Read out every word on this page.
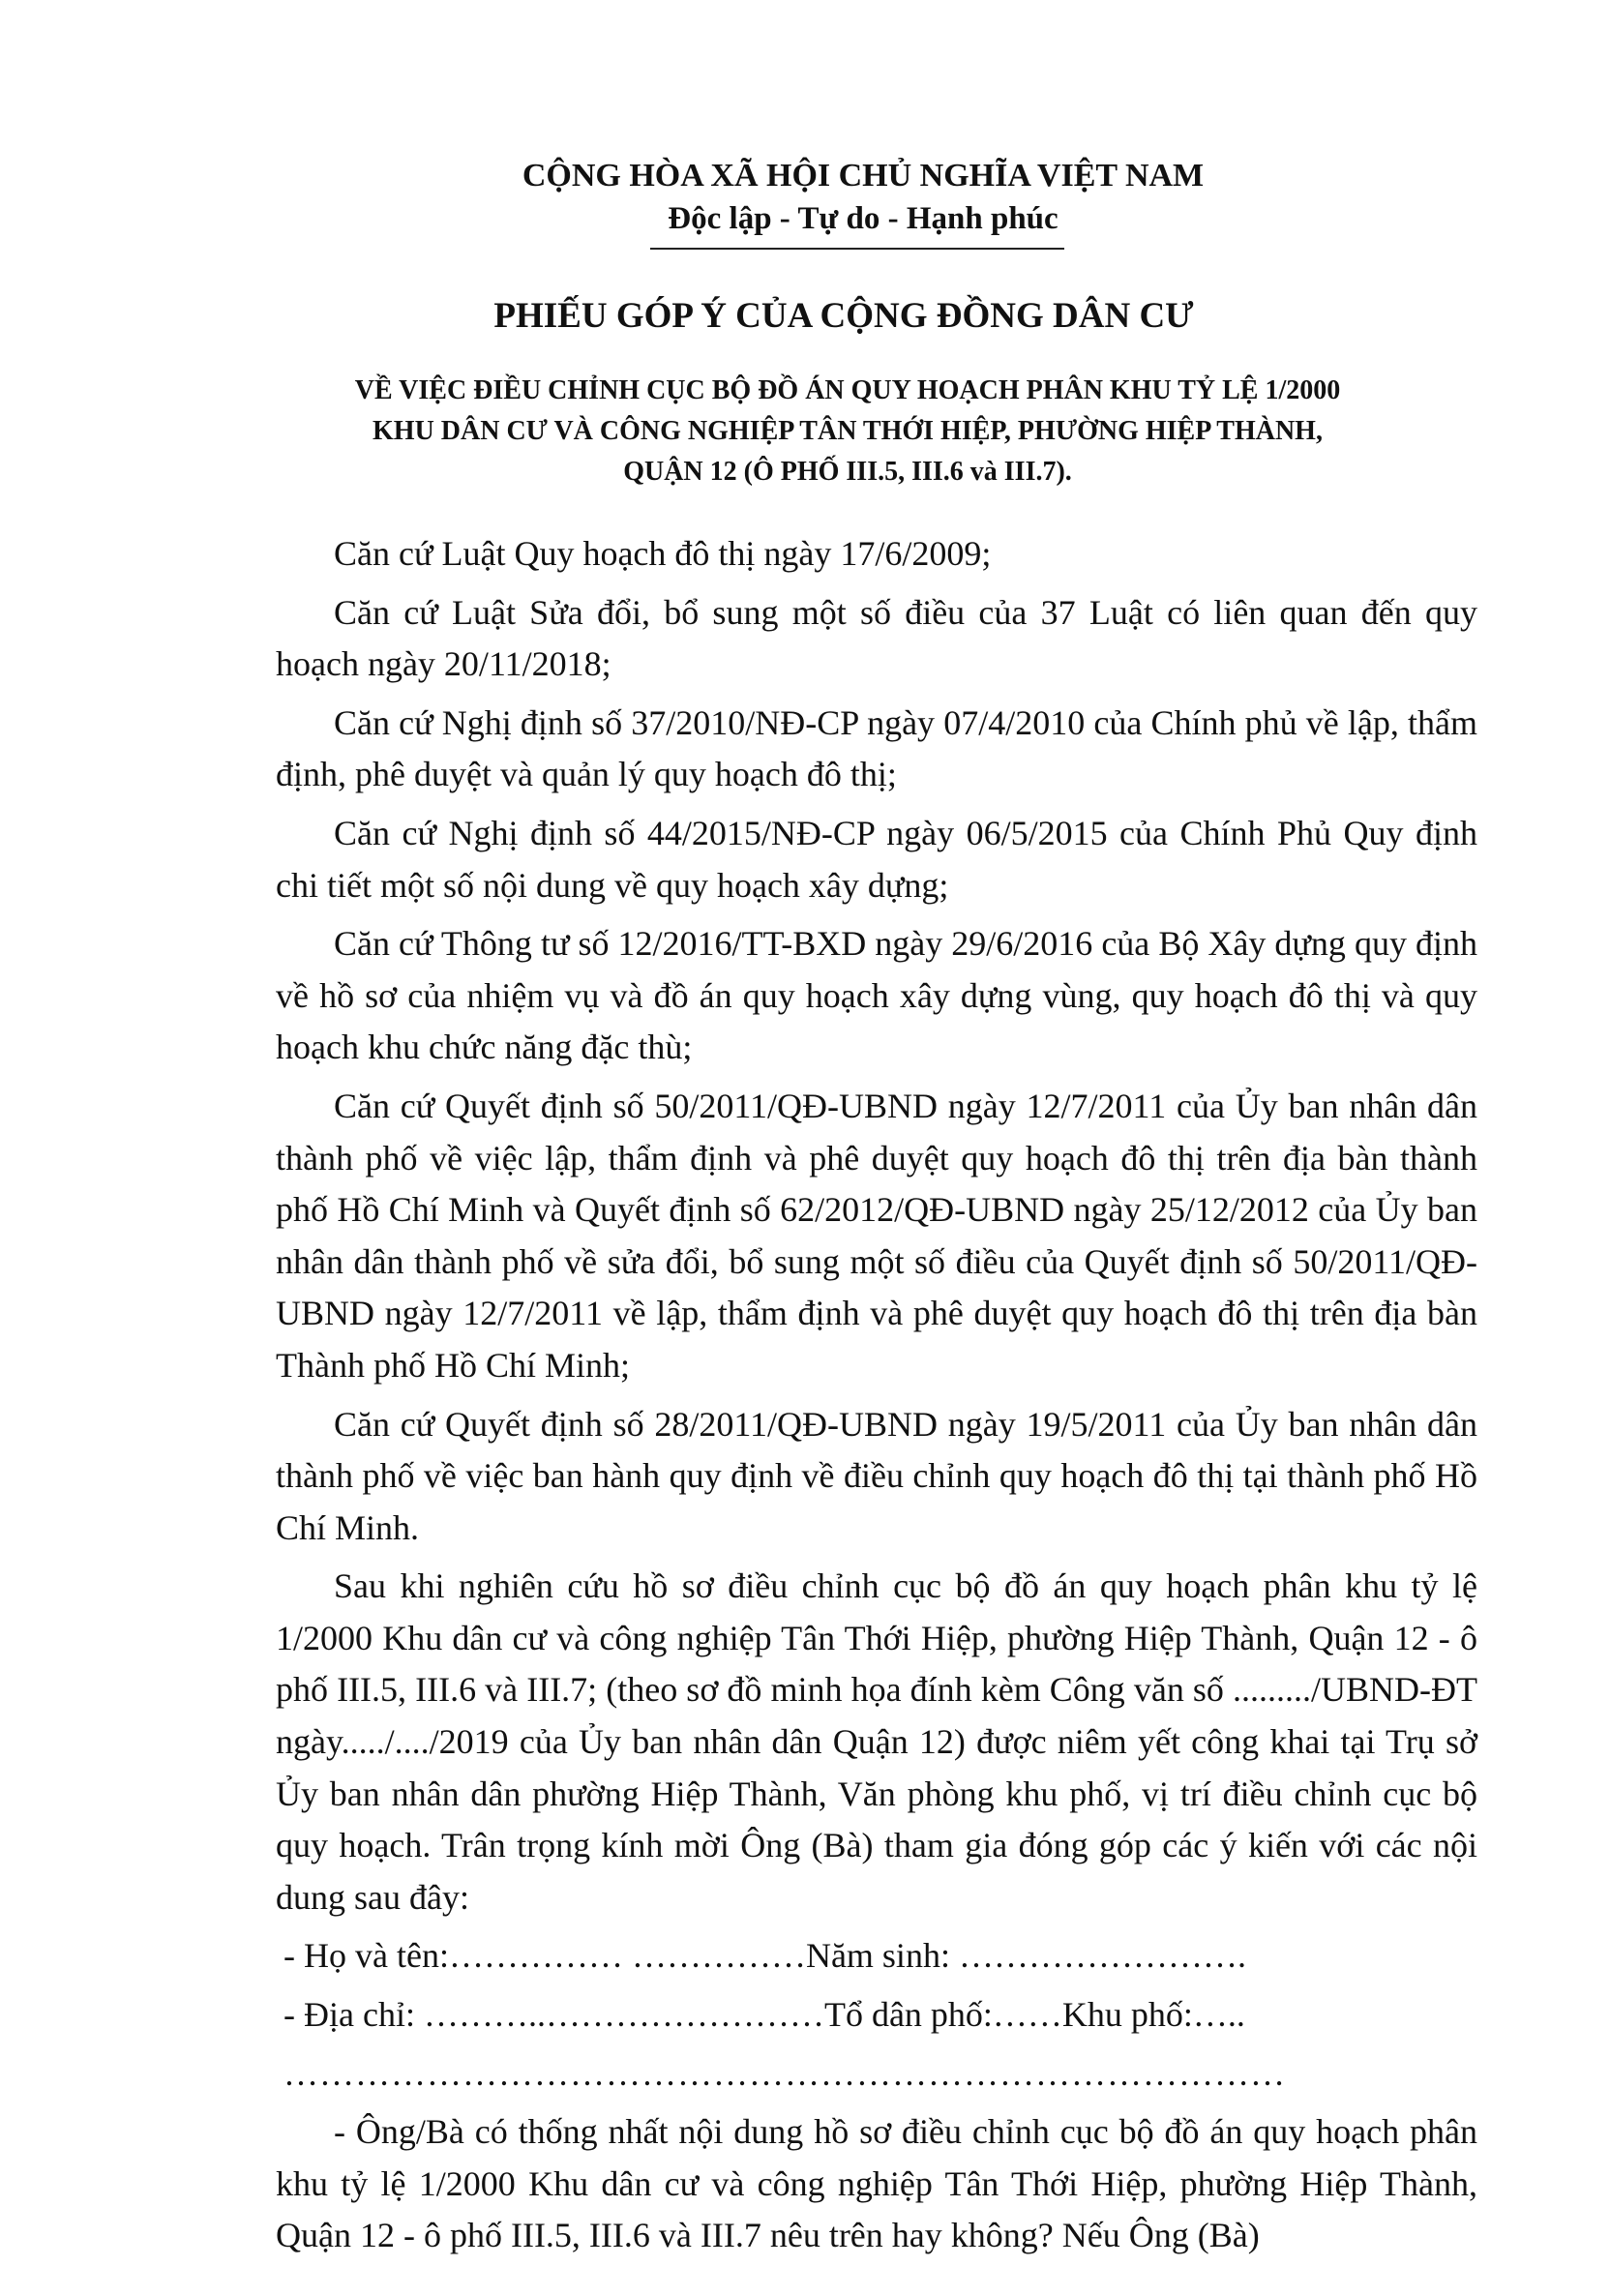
CỘNG HÒA XÃ HỘI CHỦ NGHĨA VIỆT NAM
Độc lập - Tự do - Hạnh phúc
PHIẾU GÓP Ý CỦA CỘNG ĐỒNG DÂN CƯ
VỀ VIỆC ĐIỀU CHỈNH CỤC BỘ ĐỒ ÁN QUY HOẠCH PHÂN KHU TỶ LỆ 1/2000
KHU DÂN CƯ VÀ CÔNG NGHIỆP TÂN THỚI HIỆP, PHƯỜNG HIỆP THÀNH,
QUẬN 12 (Ô PHỐ III.5, III.6 và III.7).

Căn cứ Luật Quy hoạch đô thị ngày 17/6/2009;

Căn cứ Luật Sửa đổi, bổ sung một số điều của 37 Luật có liên quan đến quy hoạch ngày 20/11/2018;

Căn cứ Nghị định số 37/2010/NĐ-CP ngày 07/4/2010 của Chính phủ về lập, thẩm định, phê duyệt và quản lý quy hoạch đô thị;

Căn cứ Nghị định số 44/2015/NĐ-CP ngày 06/5/2015 của Chính Phủ Quy định chi tiết một số nội dung về quy hoạch xây dựng;

Căn cứ Thông tư số 12/2016/TT-BXD ngày 29/6/2016 của Bộ Xây dựng quy định về hồ sơ của nhiệm vụ và đồ án quy hoạch xây dựng vùng, quy hoạch đô thị và quy hoạch khu chức năng đặc thù;

Căn cứ Quyết định số 50/2011/QĐ-UBND ngày 12/7/2011 của Ủy ban nhân dân thành phố về việc lập, thẩm định và phê duyệt quy hoạch đô thị trên địa bàn thành phố Hồ Chí Minh và Quyết định số 62/2012/QĐ-UBND ngày 25/12/2012 của Ủy ban nhân dân thành phố về sửa đổi, bổ sung một số điều của Quyết định số 50/2011/QĐ-UBND ngày 12/7/2011 về lập, thẩm định và phê duyệt quy hoạch đô thị trên địa bàn Thành phố Hồ Chí Minh;

Căn cứ Quyết định số 28/2011/QĐ-UBND ngày 19/5/2011 của Ủy ban nhân dân thành phố về việc ban hành quy định về điều chỉnh quy hoạch đô thị tại thành phố Hồ Chí Minh.

Sau khi nghiên cứu hồ sơ điều chỉnh cục bộ đồ án quy hoạch phân khu tỷ lệ 1/2000 Khu dân cư và công nghiệp Tân Thới Hiệp, phường Hiệp Thành, Quận 12 - ô phố III.5, III.6 và III.7; (theo sơ đồ minh họa đính kèm Công văn số ........./UBND-ĐT ngày...../..../2019 của Ủy ban nhân dân Quận 12) được niêm yết công khai tại Trụ sở Ủy ban nhân dân phường Hiệp Thành, Văn phòng khu phố, vị trí điều chỉnh cục bộ quy hoạch. Trân trọng kính mời Ông (Bà) tham gia đóng góp các ý kiến với các nội dung sau đây:

- Họ và tên:…………… ……………Năm sinh: …………………….

- Địa chỉ: ………..……………………Tổ dân phố:……Khu phố:…..

…………………………………………………………………………

- Ông/Bà có thống nhất nội dung hồ sơ điều chỉnh cục bộ đồ án quy hoạch phân khu tỷ lệ 1/2000 Khu dân cư và công nghiệp Tân Thới Hiệp, phường Hiệp Thành, Quận 12 - ô phố III.5, III.6 và III.7 nêu trên hay không? Nếu Ông (Bà)
